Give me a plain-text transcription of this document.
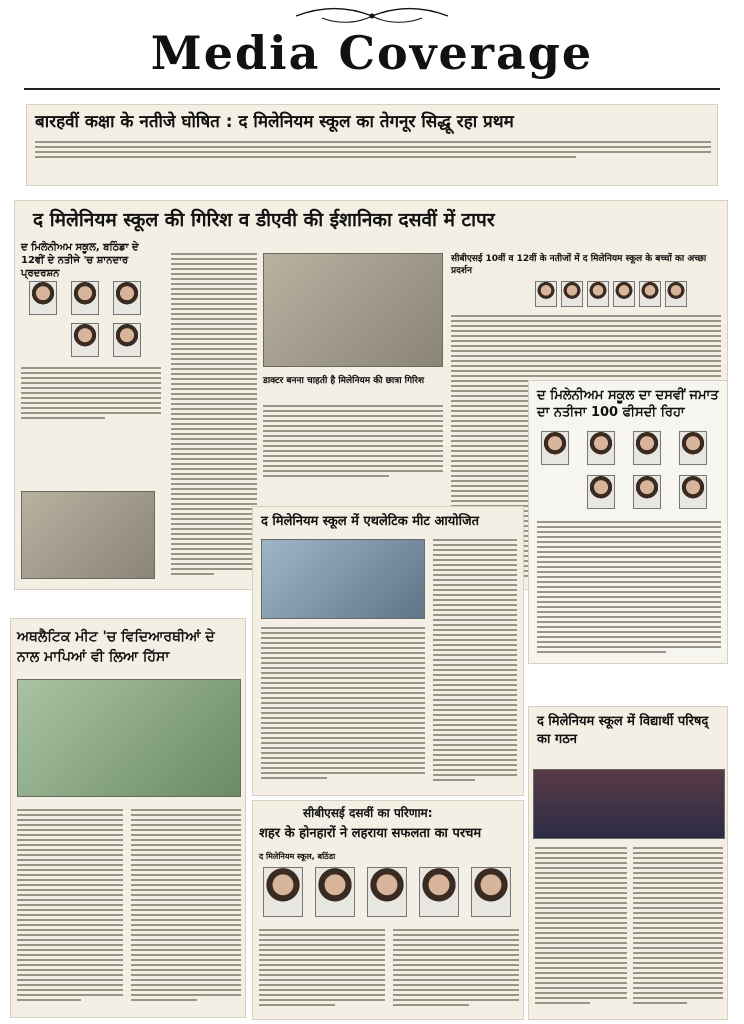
Media Coverage
बारहवीं कक्षा के नतीजे घोषित : द मिलेनियम स्कूल का तेगनूर सिद्धू रहा प्रथम
द मिलेनियम स्कूल की गिरिश व डीएवी की ईशानिका दसवीं में टापर
ਦ ਮਿਲੇਨੀਅਮ ਸਕੂਲ, ਬਠਿੰਡਾ ਦੇ 12ਵੀਂ ਦੇ ਨਤੀਜੇ 'ਚ ਸ਼ਾਨਦਾਰ ਪ੍ਰਦਰਸ਼ਨ
डाक्टर बनना चाहती है मिलेनियम की छात्रा गिरिश
सीबीएसई 10वीं व 12वीं के नतीजों में द मिलेनियम स्कूल के बच्चों का अच्छा प्रदर्शन
ਦ ਮਿਲੇਨੀਅਮ ਸਕੂਲ ਦਾ ਦਸਵੀਂ ਜਮਾਤ ਦਾ ਨਤੀਜਾ 100 ਫੀਸਦੀ ਰਿਹਾ
द मिलेनियम स्कूल में एथलेटिक मीट आयोजित
ਅਥਲੈਟਿਕ ਮੀਟ 'ਚ ਵਿਦਿਆਰਥੀਆਂ ਦੇ ਨਾਲ ਮਾਪਿਆਂ ਵੀ ਲਿਆ ਹਿੱਸਾ
द मिलेनियम स्कूल में विद्यार्थी परिषद् का गठन
सीबीएसई दसवीं का परिणाम:
शहर के होनहारों ने लहराया सफलता का परचम
द मिलेनियम स्कूल, बठिंडा
